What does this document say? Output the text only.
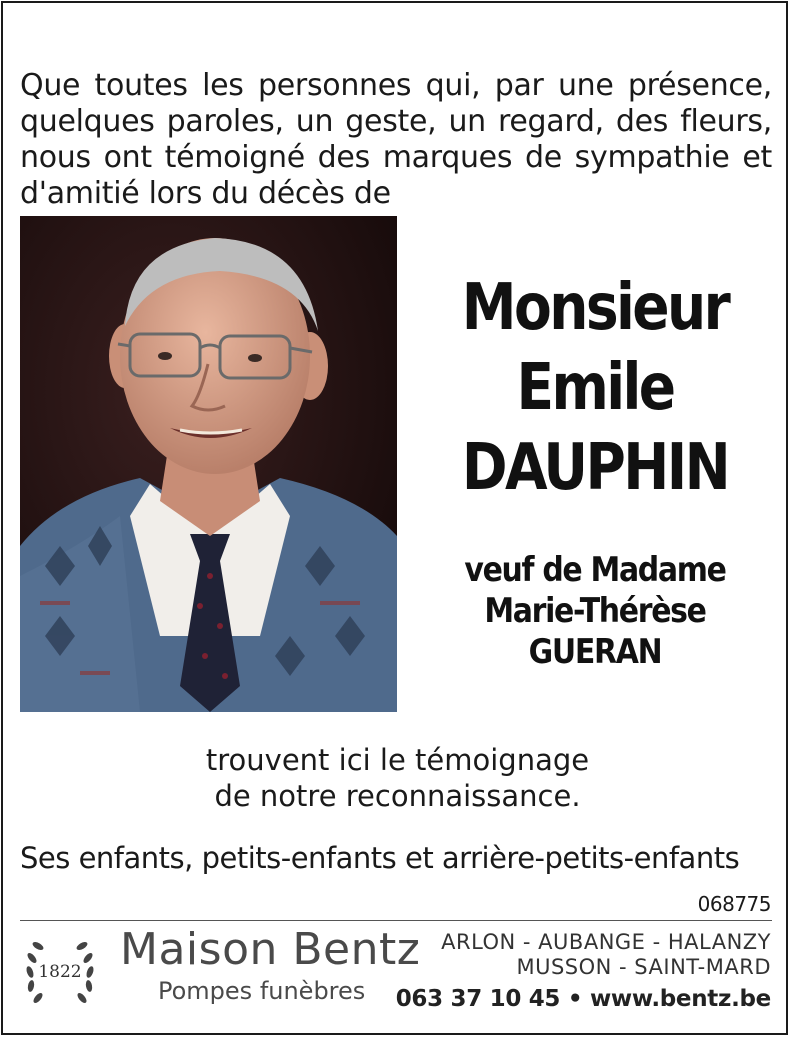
Que toutes les personnes qui, par une présence, quelques paroles, un geste, un regard, des fleurs, nous ont témoigné des marques de sympathie et d'amitié lors du décès de

Monsieur
Emile
DAUPHIN
veuf de Madame
Marie-Thérèse
GUERAN
trouvent ici le témoignage
de notre reconnaissance.
Ses enfants, petits-enfants et arrière-petits-enfants
068775
1822 Maison Bentz
Pompes funèbres
ARLON - AUBANGE - HALANZY
MUSSON - SAINT-MARD
063 37 10 45 • www.bentz.be
